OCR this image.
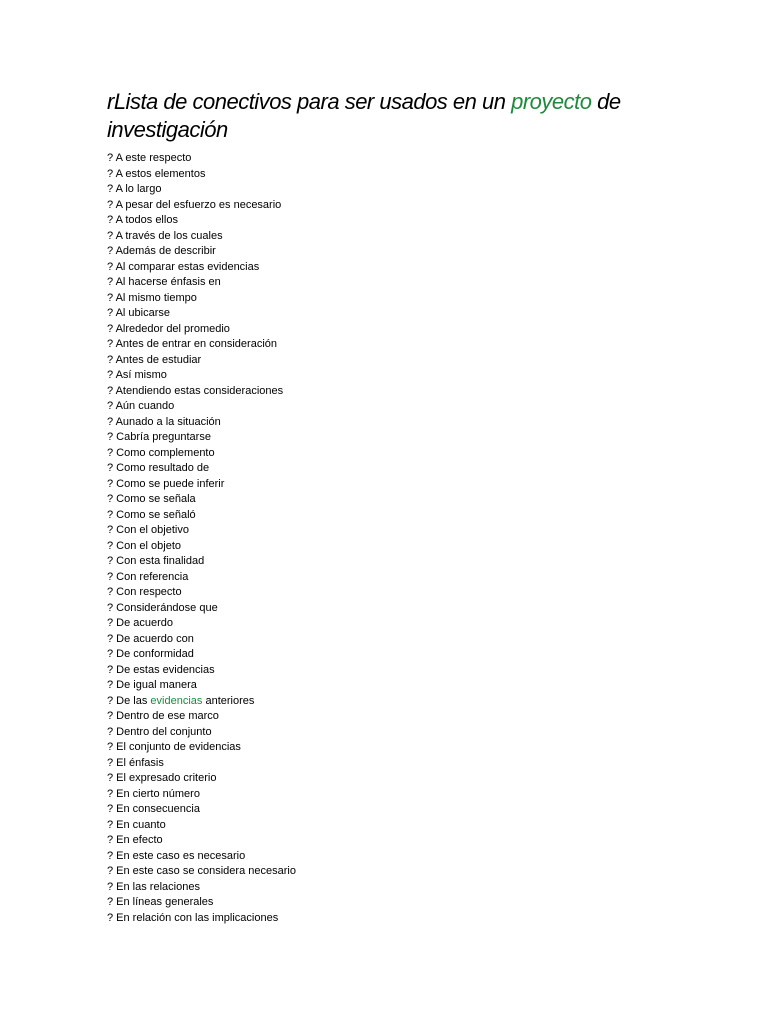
rLista de conectivos para ser usados en un proyecto de
investigación
? A este respecto
? A estos elementos
? A lo largo
? A pesar del esfuerzo es necesario
? A todos ellos
? A través de los cuales
? Además de describir
? Al comparar estas evidencias
? Al hacerse énfasis en
? Al mismo tiempo
? Al ubicarse
? Alrededor del promedio
? Antes de entrar en consideración
? Antes de estudiar
? Así mismo
? Atendiendo estas consideraciones
? Aún cuando
? Aunado a la situación
? Cabría preguntarse
? Como complemento
? Como resultado de
? Como se puede inferir
? Como se señala
? Como se señaló
? Con el objetivo
? Con el objeto
? Con esta finalidad
? Con referencia
? Con respecto
? Considerándose que
? De acuerdo
? De acuerdo con
? De conformidad
? De estas evidencias
? De igual manera
? De las evidencias anteriores
? Dentro de ese marco
? Dentro del conjunto
? El conjunto de evidencias
? El énfasis
? El expresado criterio
? En cierto número
? En consecuencia
? En cuanto
? En efecto
? En este caso es necesario
? En este caso se considera necesario
? En las relaciones
? En líneas generales
? En relación con las implicaciones
